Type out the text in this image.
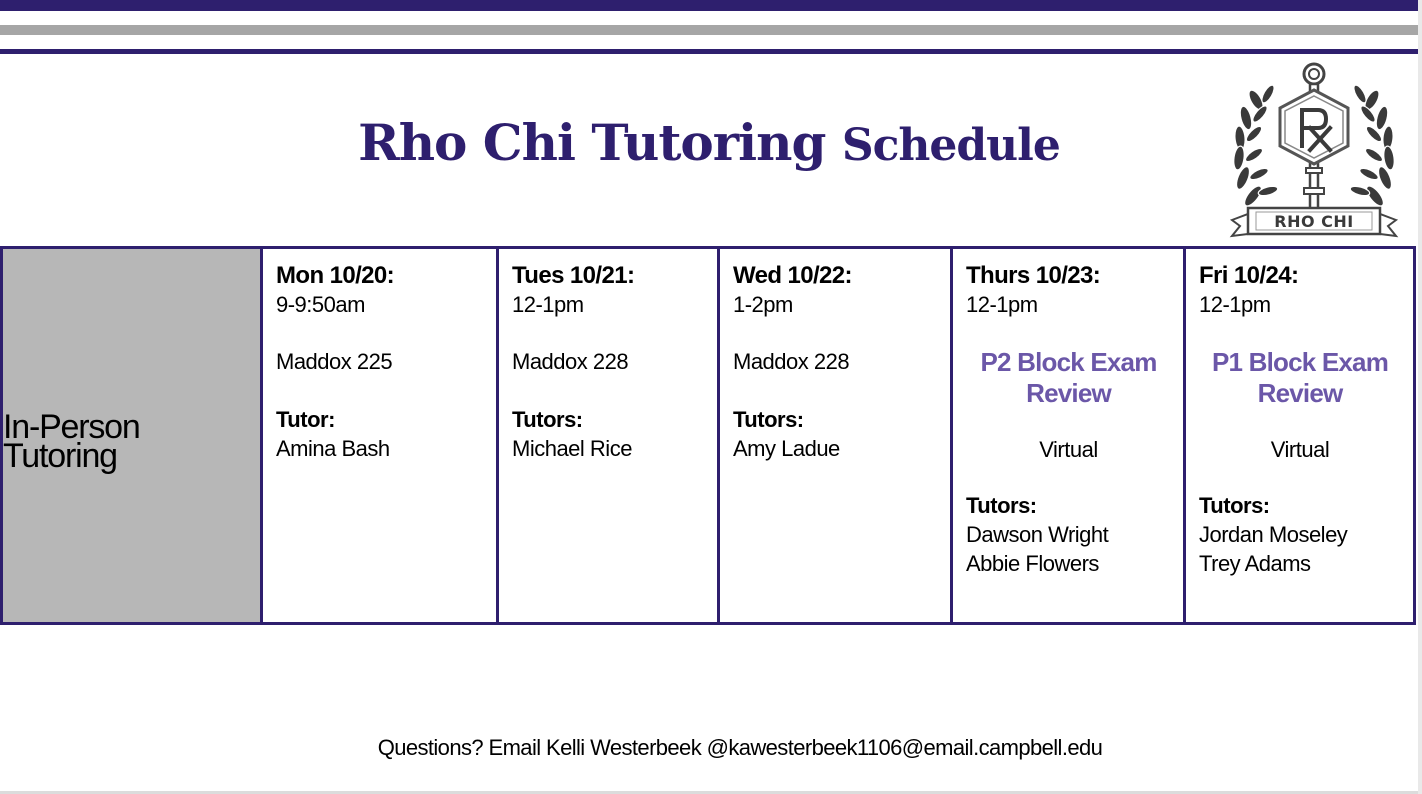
Rho Chi Tutoring Schedule
RHO CHI
In-Person Tutoring
Mon 10/20:
9-9:50am
Maddox 225
Tutor:
Amina Bash
Tues 10/21:
12-1pm
Maddox 228
Tutors:
Michael Rice
Wed 10/22:
1-2pm
Maddox 228
Tutors:
Amy Ladue
Thurs 10/23:
12-1pm
P2 Block Exam Review
Virtual
Tutors:
Dawson Wright
Abbie Flowers
Fri 10/24:
12-1pm
P1 Block Exam Review
Virtual
Tutors:
Jordan Moseley
Trey Adams
Questions? Email Kelli Westerbeek @kawesterbeek1106@email.campbell.edu
